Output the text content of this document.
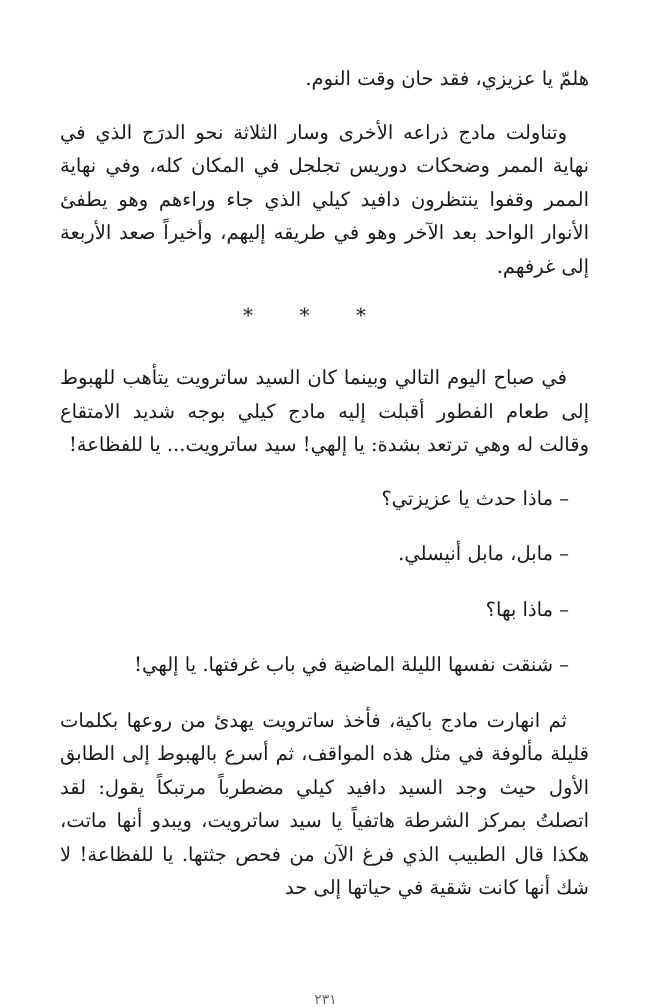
هلمّ يا عزيزي، فقد حان وقت النوم.

وتناولت مادج ذراعه الأخرى وسار الثلاثة نحو الدرَج الذي في نهاية الممر وضحكات دوريس تجلجل في المكان كله، وفي نهاية الممر وقفوا ينتظرون دافيد كيلي الذي جاء وراءهم وهو يطفئ الأنوار الواحد بعد الآخر وهو في طريقه إليهم، وأخيراً صعد الأربعة إلى غرفهم.

* * *

في صباح اليوم التالي وبينما كان السيد ساترويت يتأهب للهبوط إلى طعام الفطور أقبلت إليه مادج كيلي بوجه شديد الامتقاع وقالت له وهي ترتعد بشدة: يا إلهي! سيد ساترويت... يا للفظاعة!

– ماذا حدث يا عزيزتي؟

– مابل، مابل أنيسلي.

– ماذا بها؟

– شنقت نفسها الليلة الماضية في باب غرفتها. يا إلهي!

ثم انهارت مادج باكية، فأخذ ساترويت يهدئ من روعها بكلمات قليلة مألوفة في مثل هذه المواقف، ثم أسرع بالهبوط إلى الطابق الأول حيث وجد السيد دافيد كيلي مضطرباً مرتبكاً يقول: لقد اتصلتُ بمركز الشرطة هاتفياً يا سيد ساترويت، ويبدو أنها ماتت، هكذا قال الطبيب الذي فرغ الآن من فحص جثتها. يا للفظاعة! لا شك أنها كانت شقية في حياتها إلى حد

٢٣١
